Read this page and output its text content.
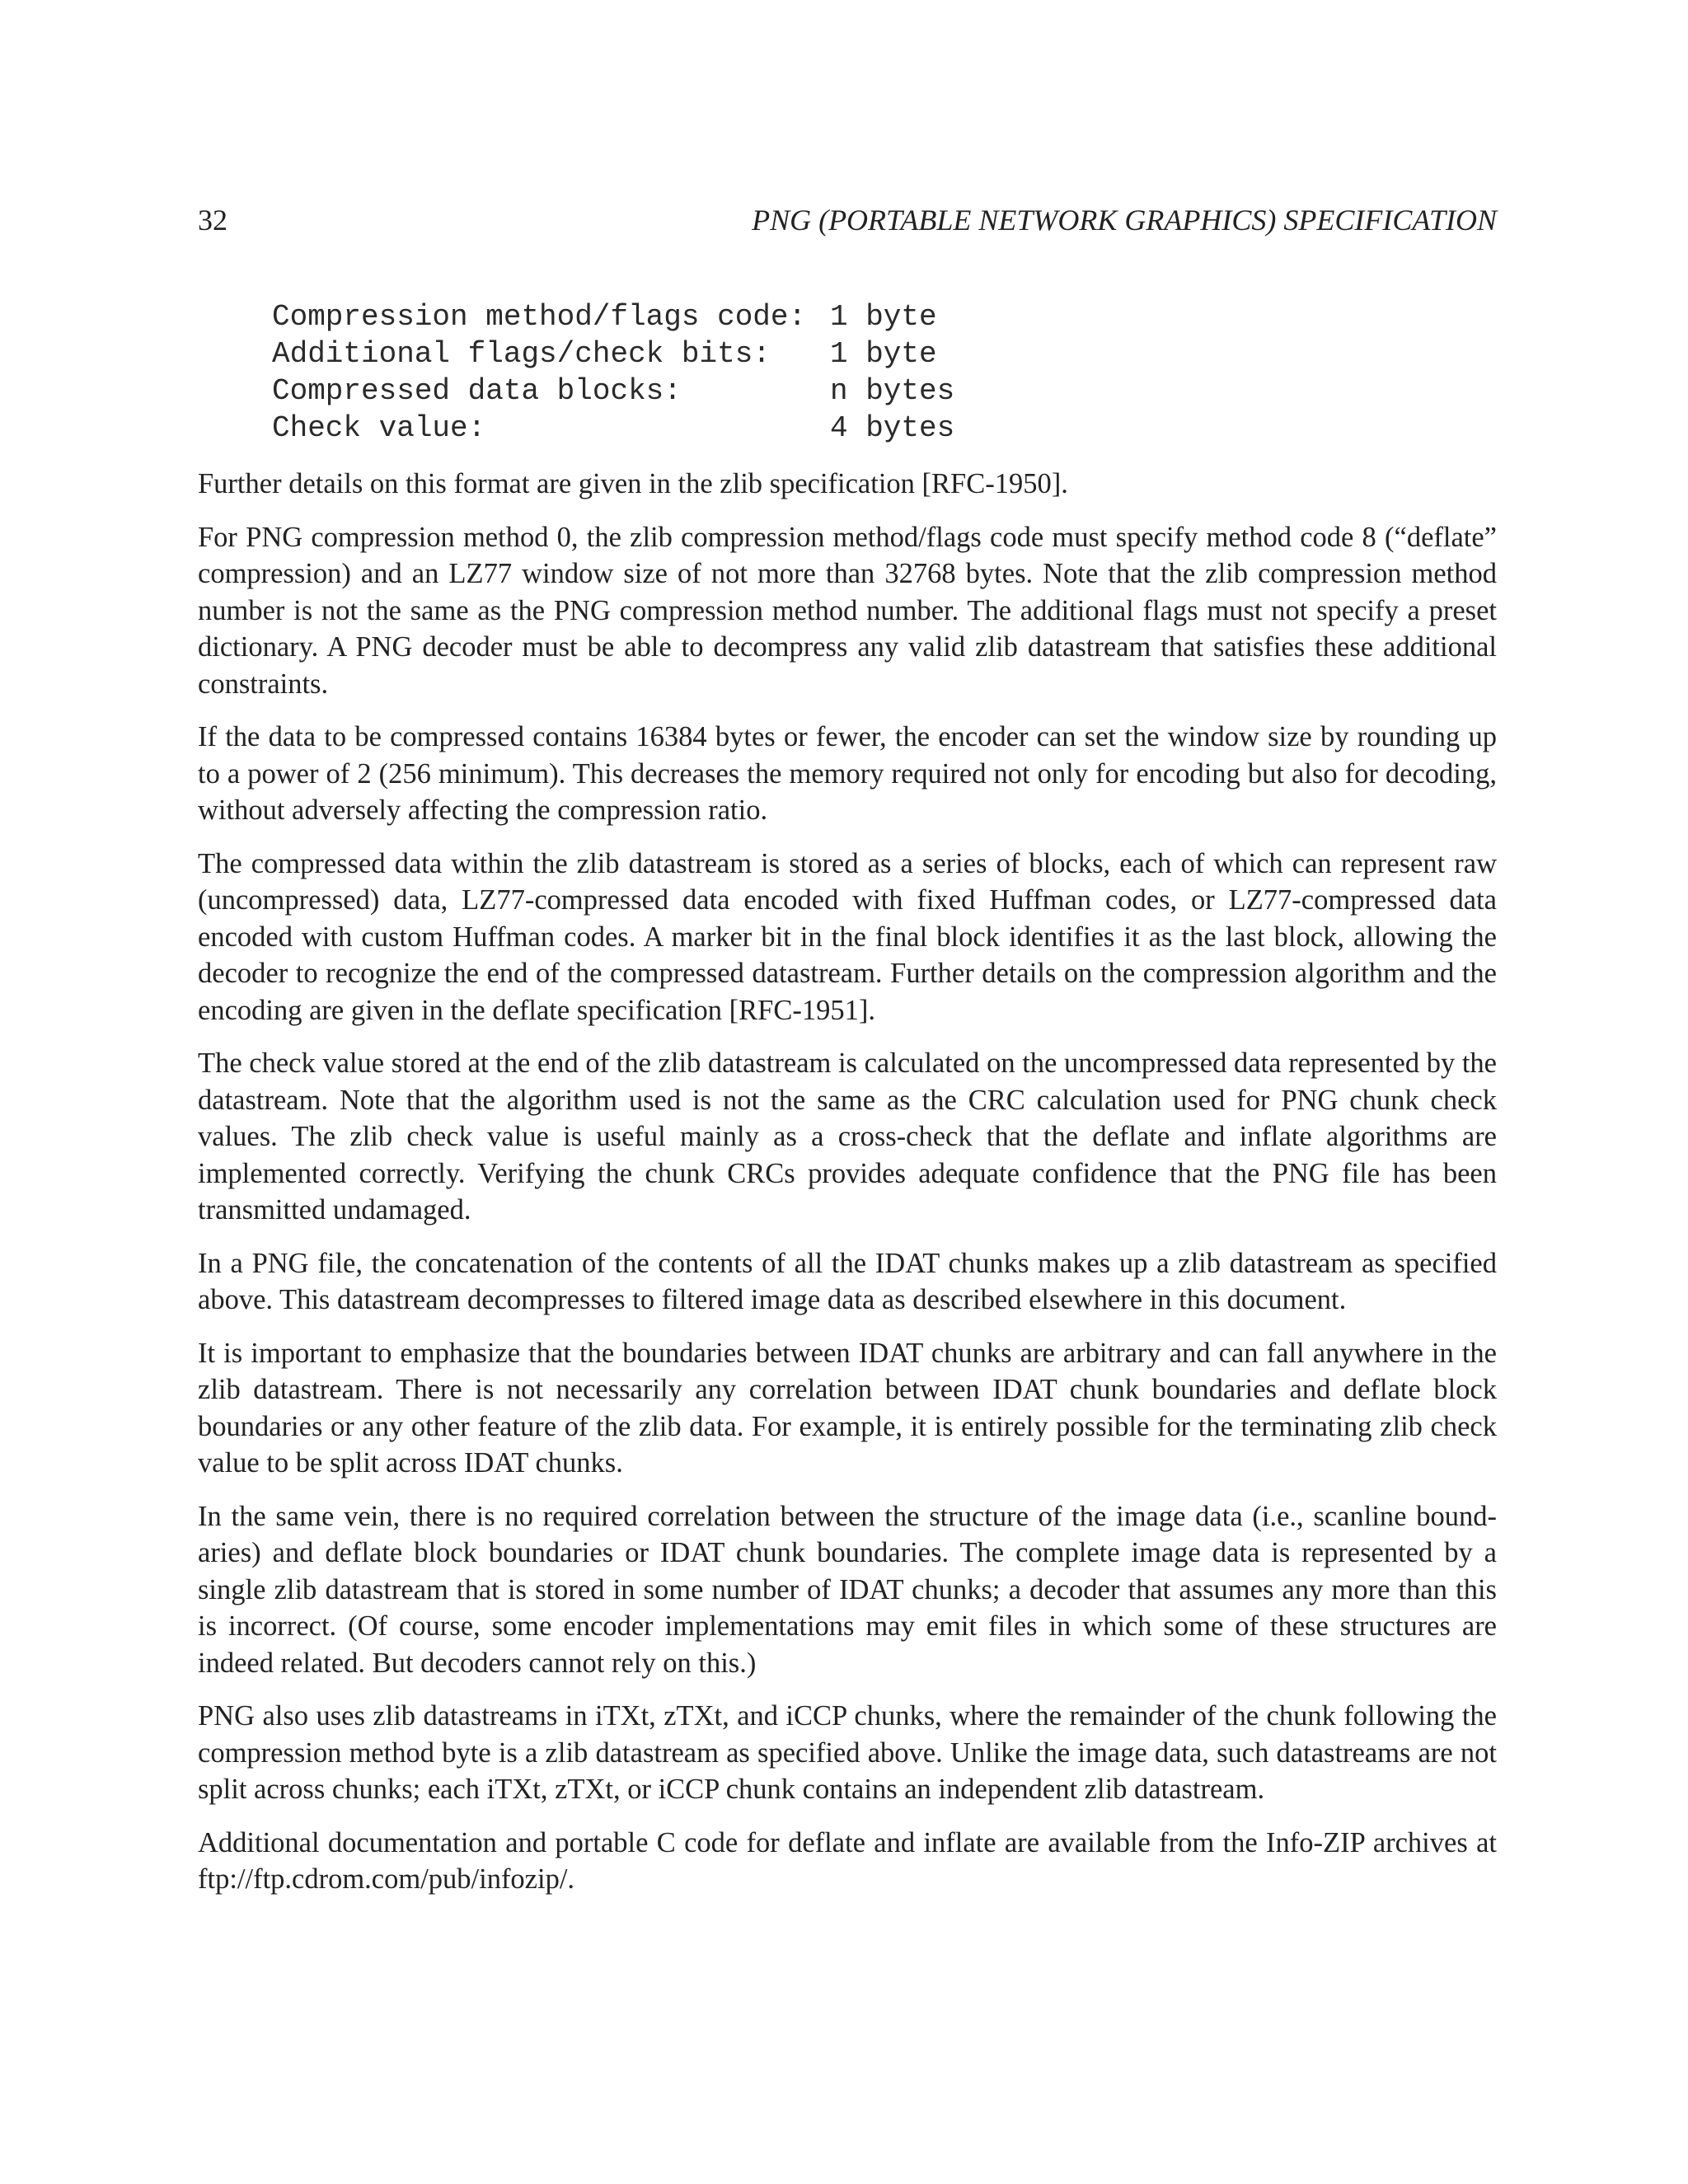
32	PNG (PORTABLE NETWORK GRAPHICS) SPECIFICATION
Compression method/flags code: 1 byte
Additional flags/check bits:	1 byte
Compressed data blocks:	n bytes
Check value:	4 bytes

Further details on this format are given in the zlib specification [RFC-1950].

For PNG compression method 0, the zlib compression method/flags code must specify method code 8 (“deflate” compression) and an LZ77 window size of not more than 32768 bytes. Note that the zlib compression method number is not the same as the PNG compression method number. The additional flags must not specify a preset dictionary. A PNG decoder must be able to decompress any valid zlib datastream that satisfies these additional constraints.

If the data to be compressed contains 16384 bytes or fewer, the encoder can set the window size by rounding up to a power of 2 (256 minimum). This decreases the memory required not only for encoding but also for decoding, without adversely affecting the compression ratio.

The compressed data within the zlib datastream is stored as a series of blocks, each of which can represent raw (uncompressed) data, LZ77-compressed data encoded with fixed Huffman codes, or LZ77-compressed data encoded with custom Huffman codes. A marker bit in the final block identifies it as the last block, allowing the decoder to recognize the end of the compressed datastream. Further details on the compression algorithm and the encoding are given in the deflate specification [RFC-1951].

The check value stored at the end of the zlib datastream is calculated on the uncompressed data represented by the datastream. Note that the algorithm used is not the same as the CRC calculation used for PNG chunk check values. The zlib check value is useful mainly as a cross-check that the deflate and inflate algorithms are implemented correctly. Verifying the chunk CRCs provides adequate confidence that the PNG file has been transmitted undamaged.

In a PNG file, the concatenation of the contents of all the IDAT chunks makes up a zlib datastream as specified above. This datastream decompresses to filtered image data as described elsewhere in this document.

It is important to emphasize that the boundaries between IDAT chunks are arbitrary and can fall anywhere in the zlib datastream. There is not necessarily any correlation between IDAT chunk boundaries and deflate block boundaries or any other feature of the zlib data. For example, it is entirely possible for the terminating zlib check value to be split across IDAT chunks.

In the same vein, there is no required correlation between the structure of the image data (i.e., scanline boundaries) and deflate block boundaries or IDAT chunk boundaries. The complete image data is represented by a single zlib datastream that is stored in some number of IDAT chunks; a decoder that assumes any more than this is incorrect. (Of course, some encoder implementations may emit files in which some of these structures are indeed related. But decoders cannot rely on this.)

PNG also uses zlib datastreams in iTXt, zTXt, and iCCP chunks, where the remainder of the chunk following the compression method byte is a zlib datastream as specified above. Unlike the image data, such datastreams are not split across chunks; each iTXt, zTXt, or iCCP chunk contains an independent zlib datastream.

Additional documentation and portable C code for deflate and inflate are available from the Info-ZIP archives at ftp://ftp.cdrom.com/pub/infozip/.
